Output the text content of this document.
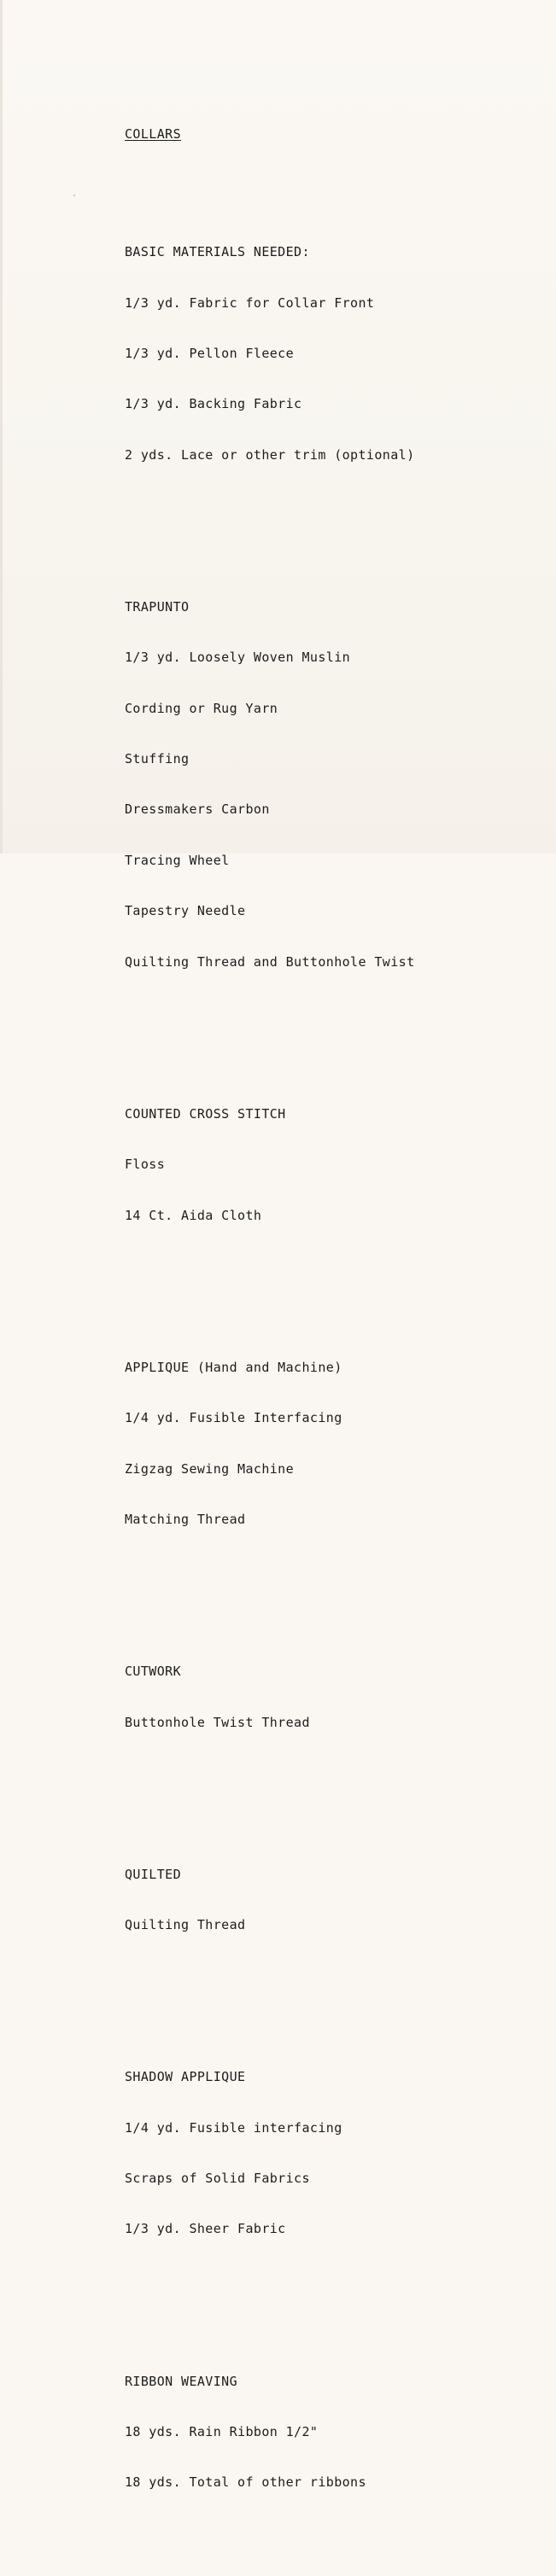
COLLARS

BASIC MATERIALS NEEDED:

1/3 yd. Fabric for Collar Front

1/3 yd. Pellon Fleece

1/3 yd. Backing Fabric

2 yds. Lace or other trim (optional)

TRAPUNTO

1/3 yd. Loosely Woven Muslin

Cording or Rug Yarn

Stuffing

Dressmakers Carbon

Tracing Wheel

Tapestry Needle

Quilting Thread and Buttonhole Twist

COUNTED CROSS STITCH

Floss

14 Ct. Aida Cloth

APPLIQUE (Hand and Machine)

1/4 yd. Fusible Interfacing

Zigzag Sewing Machine

Matching Thread

CUTWORK

Buttonhole Twist Thread

QUILTED

Quilting Thread

SHADOW APPLIQUE

1/4 yd. Fusible interfacing

Scraps of Solid Fabrics

1/3 yd. Sheer Fabric

RIBBON WEAVING

18 yds. Rain Ribbon 1/2"

18 yds. Total of other ribbons
